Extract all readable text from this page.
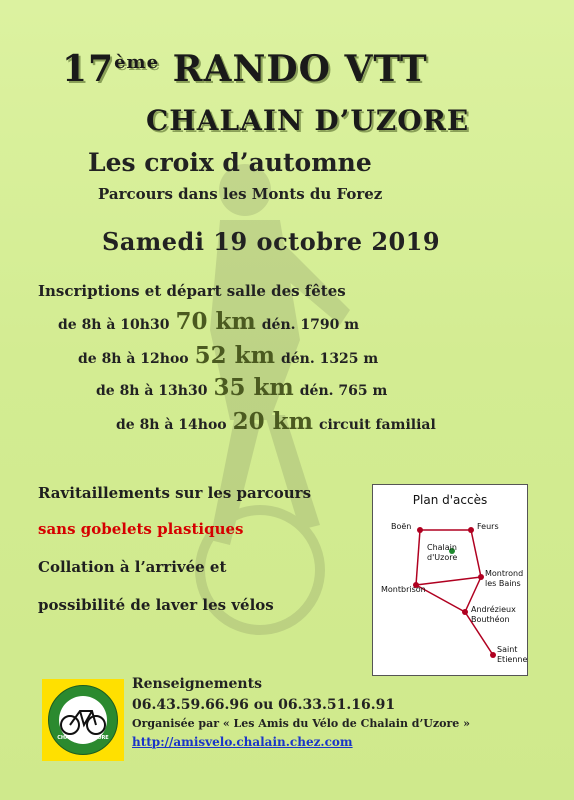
17ème RANDO VTT
CHALAIN D’UZORE
Les croix d’automne
Parcours dans les Monts du Forez
Samedi 19 octobre 2019
Inscriptions et départ salle des fêtes
de 8h à 10h30 70 km dén. 1790 m
de 8h à 12hoo 52 km dén. 1325 m
de 8h à 13h30 35 km dén. 765 m
de 8h à 14hoo 20 km circuit familial
Ravitaillements sur les parcours
sans gobelets plastiques
Collation à l’arrivée et
possibilité de laver les vélos
Plan d'accès
Boën	Feurs
Chalain
d'Uzore
Montrond
les Bains
Montbrison
Andrézieux
Bouthéon
Saint
Etienne
CHALAIN D'UZORE
Renseignements
06.43.59.66.96 ou 06.33.51.16.91
Organisée par « Les Amis du Vélo de Chalain d’Uzore »
http://amisvelo.chalain.chez.com
